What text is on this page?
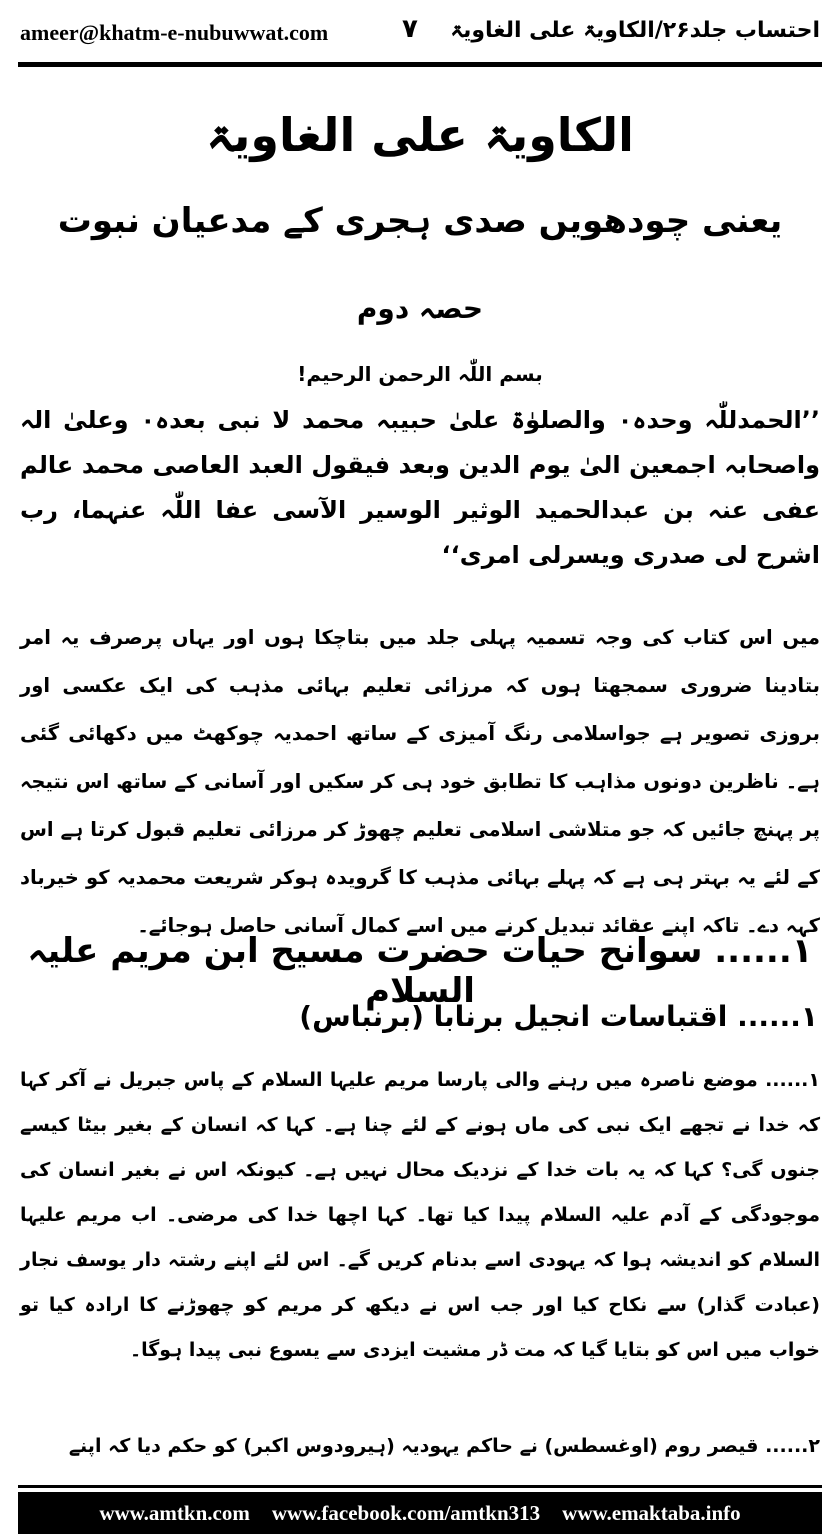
ameer@khatm-e-nubuwwat.com	۷ احتساب جلد۲۶/الکاویۃ علی الغاویۃ
الکاویۃ علی الغاویۃ
یعنی چودھویں صدی ہجری کے مدعیان نبوت
حصہ دوم
بسم اللّٰہ الرحمن الرحیم!
’’الحمدللّٰہ وحدہ۰ والصلوٰۃ علیٰ حبیبہ محمد لا نبی بعدہ۰ وعلیٰ الہ واصحابہ اجمعین الیٰ یوم الدین وبعد فیقول العبد العاصی محمد عالم عفی عنہ بن عبدالحمید الوثیر الوسیر الآسی عفا اللّٰہ عنہما، رب اشرح لی صدری ویسرلی امری‘‘
میں اس کتاب کی وجہ تسمیہ پہلی جلد میں بتاچکا ہوں اور یہاں پرصرف یہ امر بتادینا ضروری سمجھتا ہوں کہ مرزائی تعلیم بہائی مذہب کی ایک عکسی اور بروزی تصویر ہے جواسلامی رنگ آمیزی کے ساتھ احمدیہ چوکھٹ میں دکھائی گئی ہے۔ ناظرین دونوں مذاہب کا تطابق خود ہی کر سکیں اور آسانی کے ساتھ اس نتیجہ پر پہنچ جائیں کہ جو متلاشی اسلامی تعلیم چھوڑ کر مرزائی تعلیم قبول کرتا ہے اس کے لئے یہ بہتر ہی ہے کہ پہلے بہائی مذہب کا گرویدہ ہوکر شریعت محمدیہ کو خیرباد کہہ دے۔ تاکہ اپنے عقائد تبدیل کرنے میں اسے کمال آسانی حاصل ہوجائے۔
۱...... سوانح حیات حضرت مسیح ابن مریم علیہ السلام
۱...... اقتباسات انجیل برنابا (برنباس)
۱...... موضع ناصرہ میں رہنے والی پارسا مریم علیہا السلام کے پاس جبریل نے آکر کہا کہ خدا نے تجھے ایک نبی کی ماں ہونے کے لئے چنا ہے۔ کہا کہ انسان کے بغیر بیٹا کیسے جنوں گی؟ کہا کہ یہ بات خدا کے نزدیک محال نہیں ہے۔ کیونکہ اس نے بغیر انسان کی موجودگی کے آدم علیہ السلام پیدا کیا تھا۔ کہا اچھا خدا کی مرضی۔ اب مریم علیہا السلام کو اندیشہ ہوا کہ یہودی اسے بدنام کریں گے۔ اس لئے اپنے رشتہ دار یوسف نجار (عبادت گذار) سے نکاح کیا اور جب اس نے دیکھ کر مریم کو چھوڑنے کا ارادہ کیا تو خواب میں اس کو بتایا گیا کہ مت ڈر مشیت ایزدی سے یسوع نبی پیدا ہوگا۔
۲...... قیصر روم (اوغسطس) نے حاکم یہودیہ (ہیرودوس اکبر) کو حکم دیا کہ اپنے
www.amtkn.com www.facebook.com/amtkn313 www.emaktaba.info
